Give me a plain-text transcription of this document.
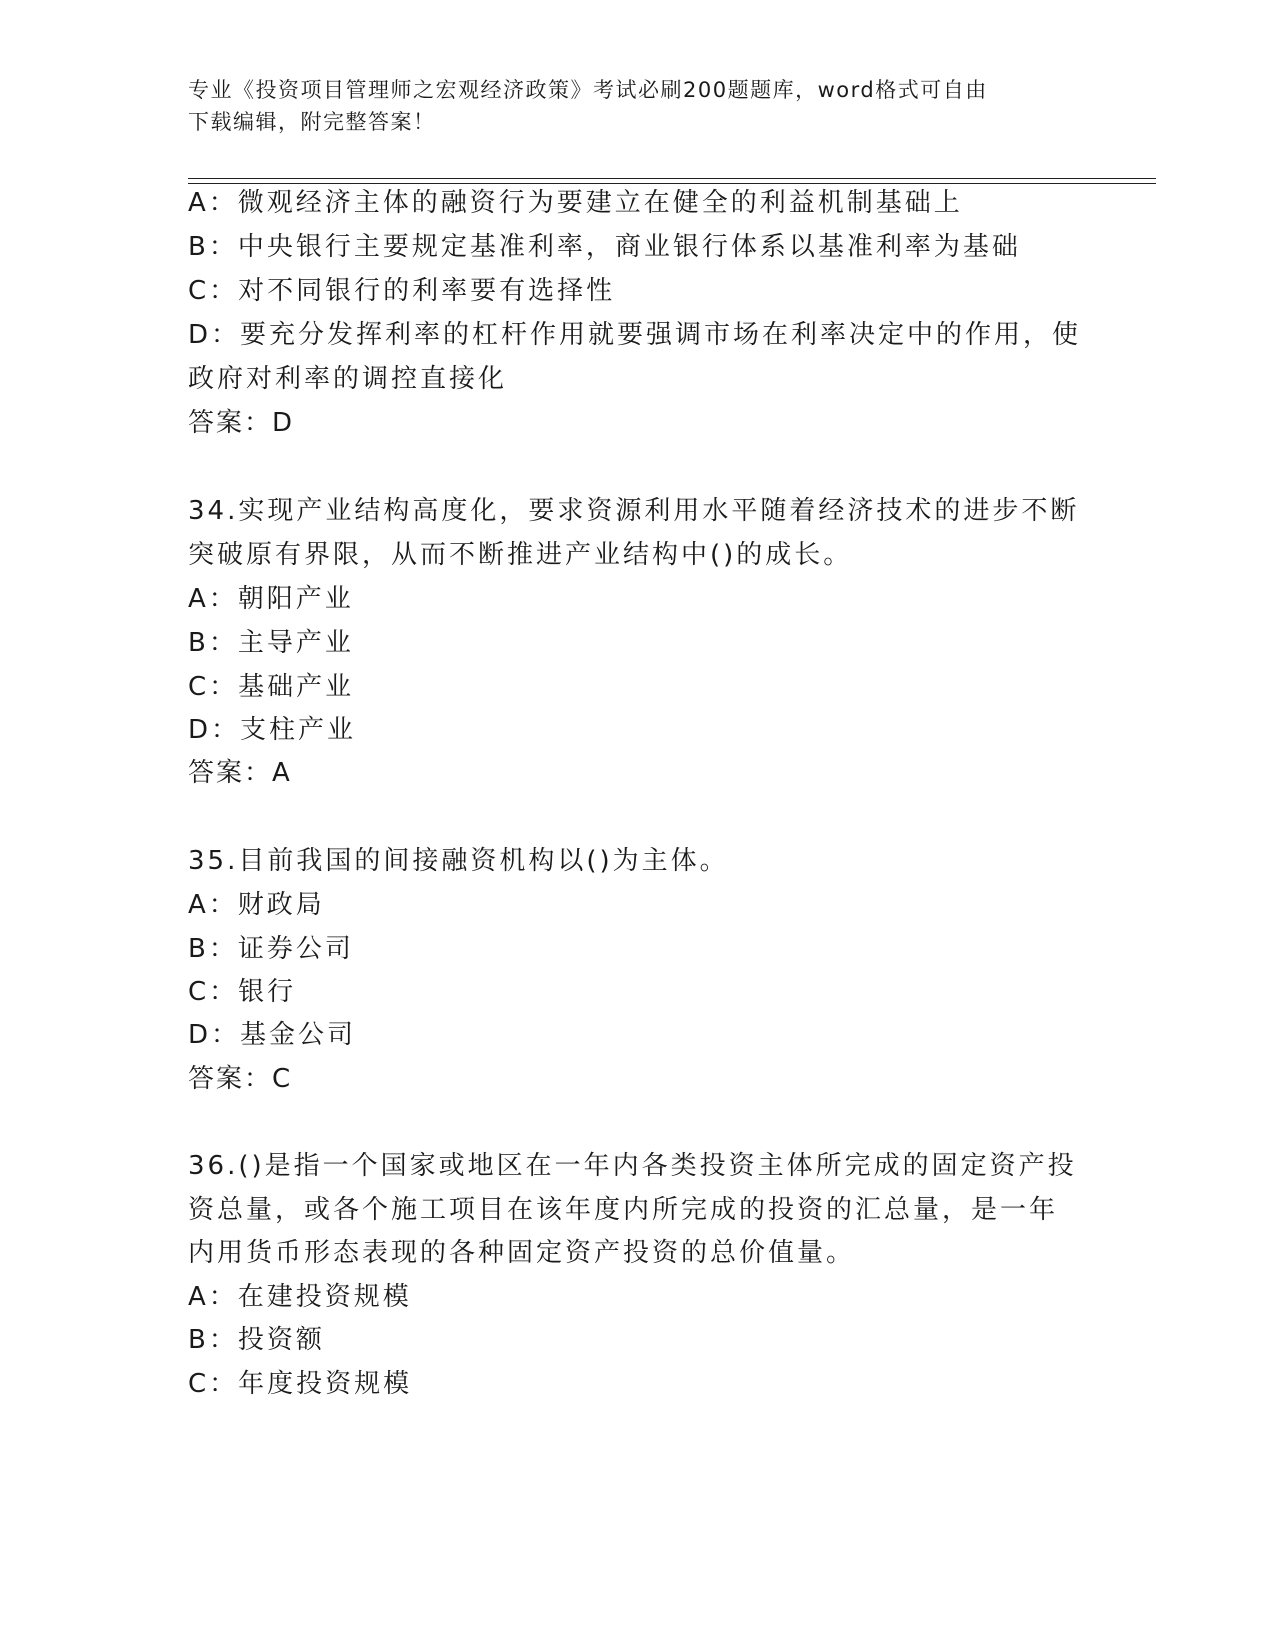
专业《投资项目管理师之宏观经济政策》考试必刷200题题库，word格式可自由
下载编辑，附完整答案！
A：微观经济主体的融资行为要建立在健全的利益机制基础上
B：中央银行主要规定基准利率，商业银行体系以基准利率为基础
C：对不同银行的利率要有选择性
D：要充分发挥利率的杠杆作用就要强调市场在利率决定中的作用，使
政府对利率的调控直接化
答案：D
34.实现产业结构高度化，要求资源利用水平随着经济技术的进步不断
突破原有界限，从而不断推进产业结构中()的成长。
A：朝阳产业
B：主导产业
C：基础产业
D：支柱产业
答案：A
35.目前我国的间接融资机构以()为主体。
A：财政局
B：证券公司
C：银行
D：基金公司
答案：C
36.()是指一个国家或地区在一年内各类投资主体所完成的固定资产投
资总量，或各个施工项目在该年度内所完成的投资的汇总量，是一年
内用货币形态表现的各种固定资产投资的总价值量。
A：在建投资规模
B：投资额
C：年度投资规模
